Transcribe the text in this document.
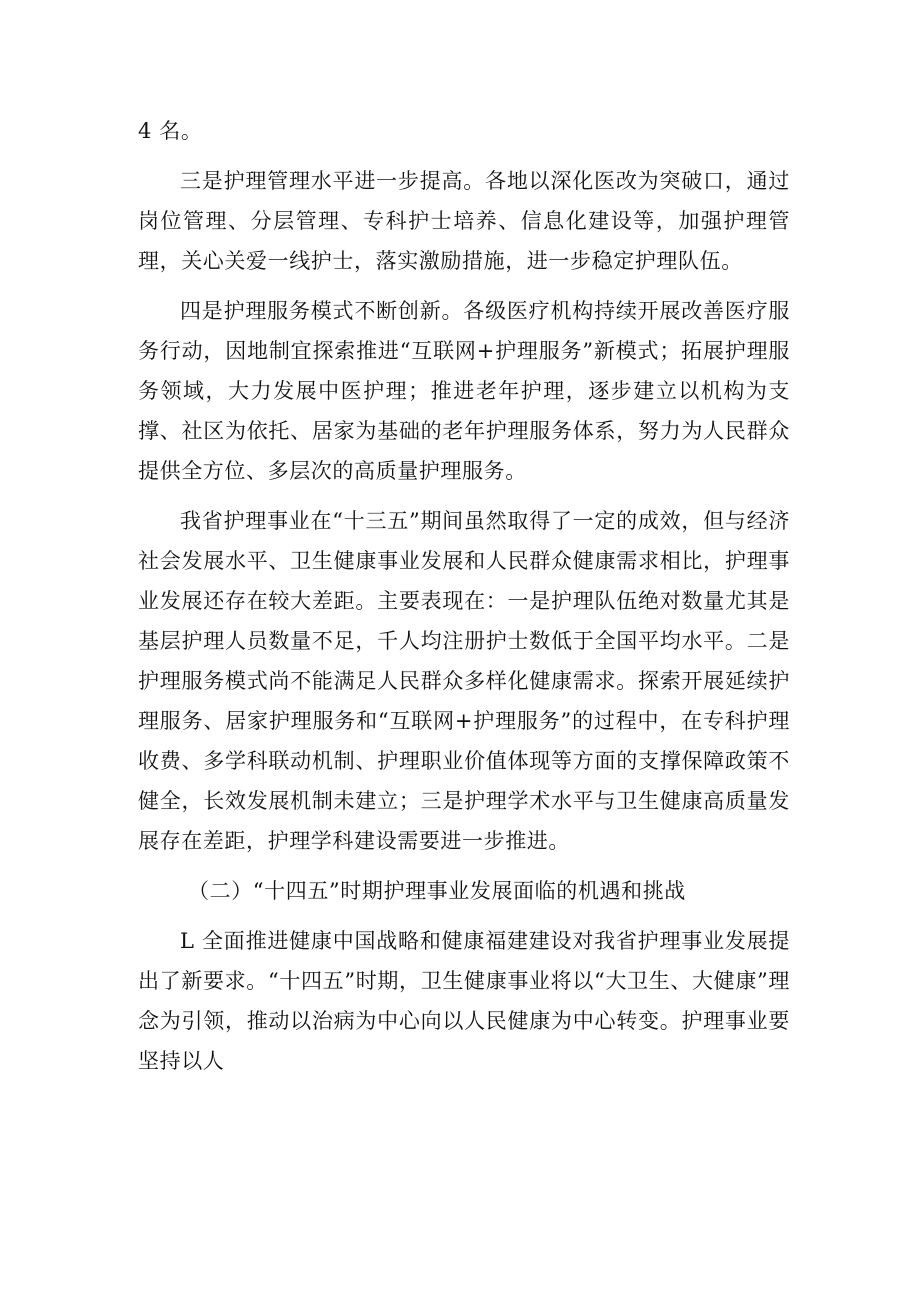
4 名。

三是护理管理水平进一步提高。各地以深化医改为突破口，通过岗位管理、分层管理、专科护士培养、信息化建设等，加强护理管理，关心关爱一线护士，落实激励措施，进一步稳定护理队伍。

四是护理服务模式不断创新。各级医疗机构持续开展改善医疗服务行动，因地制宜探索推进“互联网+护理服务”新模式；拓展护理服务领域，大力发展中医护理；推进老年护理，逐步建立以机构为支撑、社区为依托、居家为基础的老年护理服务体系，努力为人民群众提供全方位、多层次的高质量护理服务。

我省护理事业在“十三五”期间虽然取得了一定的成效，但与经济社会发展水平、卫生健康事业发展和人民群众健康需求相比，护理事业发展还存在较大差距。主要表现在：一是护理队伍绝对数量尤其是基层护理人员数量不足，千人均注册护士数低于全国平均水平。二是护理服务模式尚不能满足人民群众多样化健康需求。探索开展延续护理服务、居家护理服务和“互联网+护理服务”的过程中，在专科护理收费、多学科联动机制、护理职业价值体现等方面的支撑保障政策不健全，长效发展机制未建立；三是护理学术水平与卫生健康高质量发展存在差距，护理学科建设需要进一步推进。

（二）“十四五”时期护理事业发展面临的机遇和挑战

L 全面推进健康中国战略和健康福建建设对我省护理事业发展提出了新要求。“十四五”时期，卫生健康事业将以“大卫生、大健康”理念为引领，推动以治病为中心向以人民健康为中心转变。护理事业要坚持以人
